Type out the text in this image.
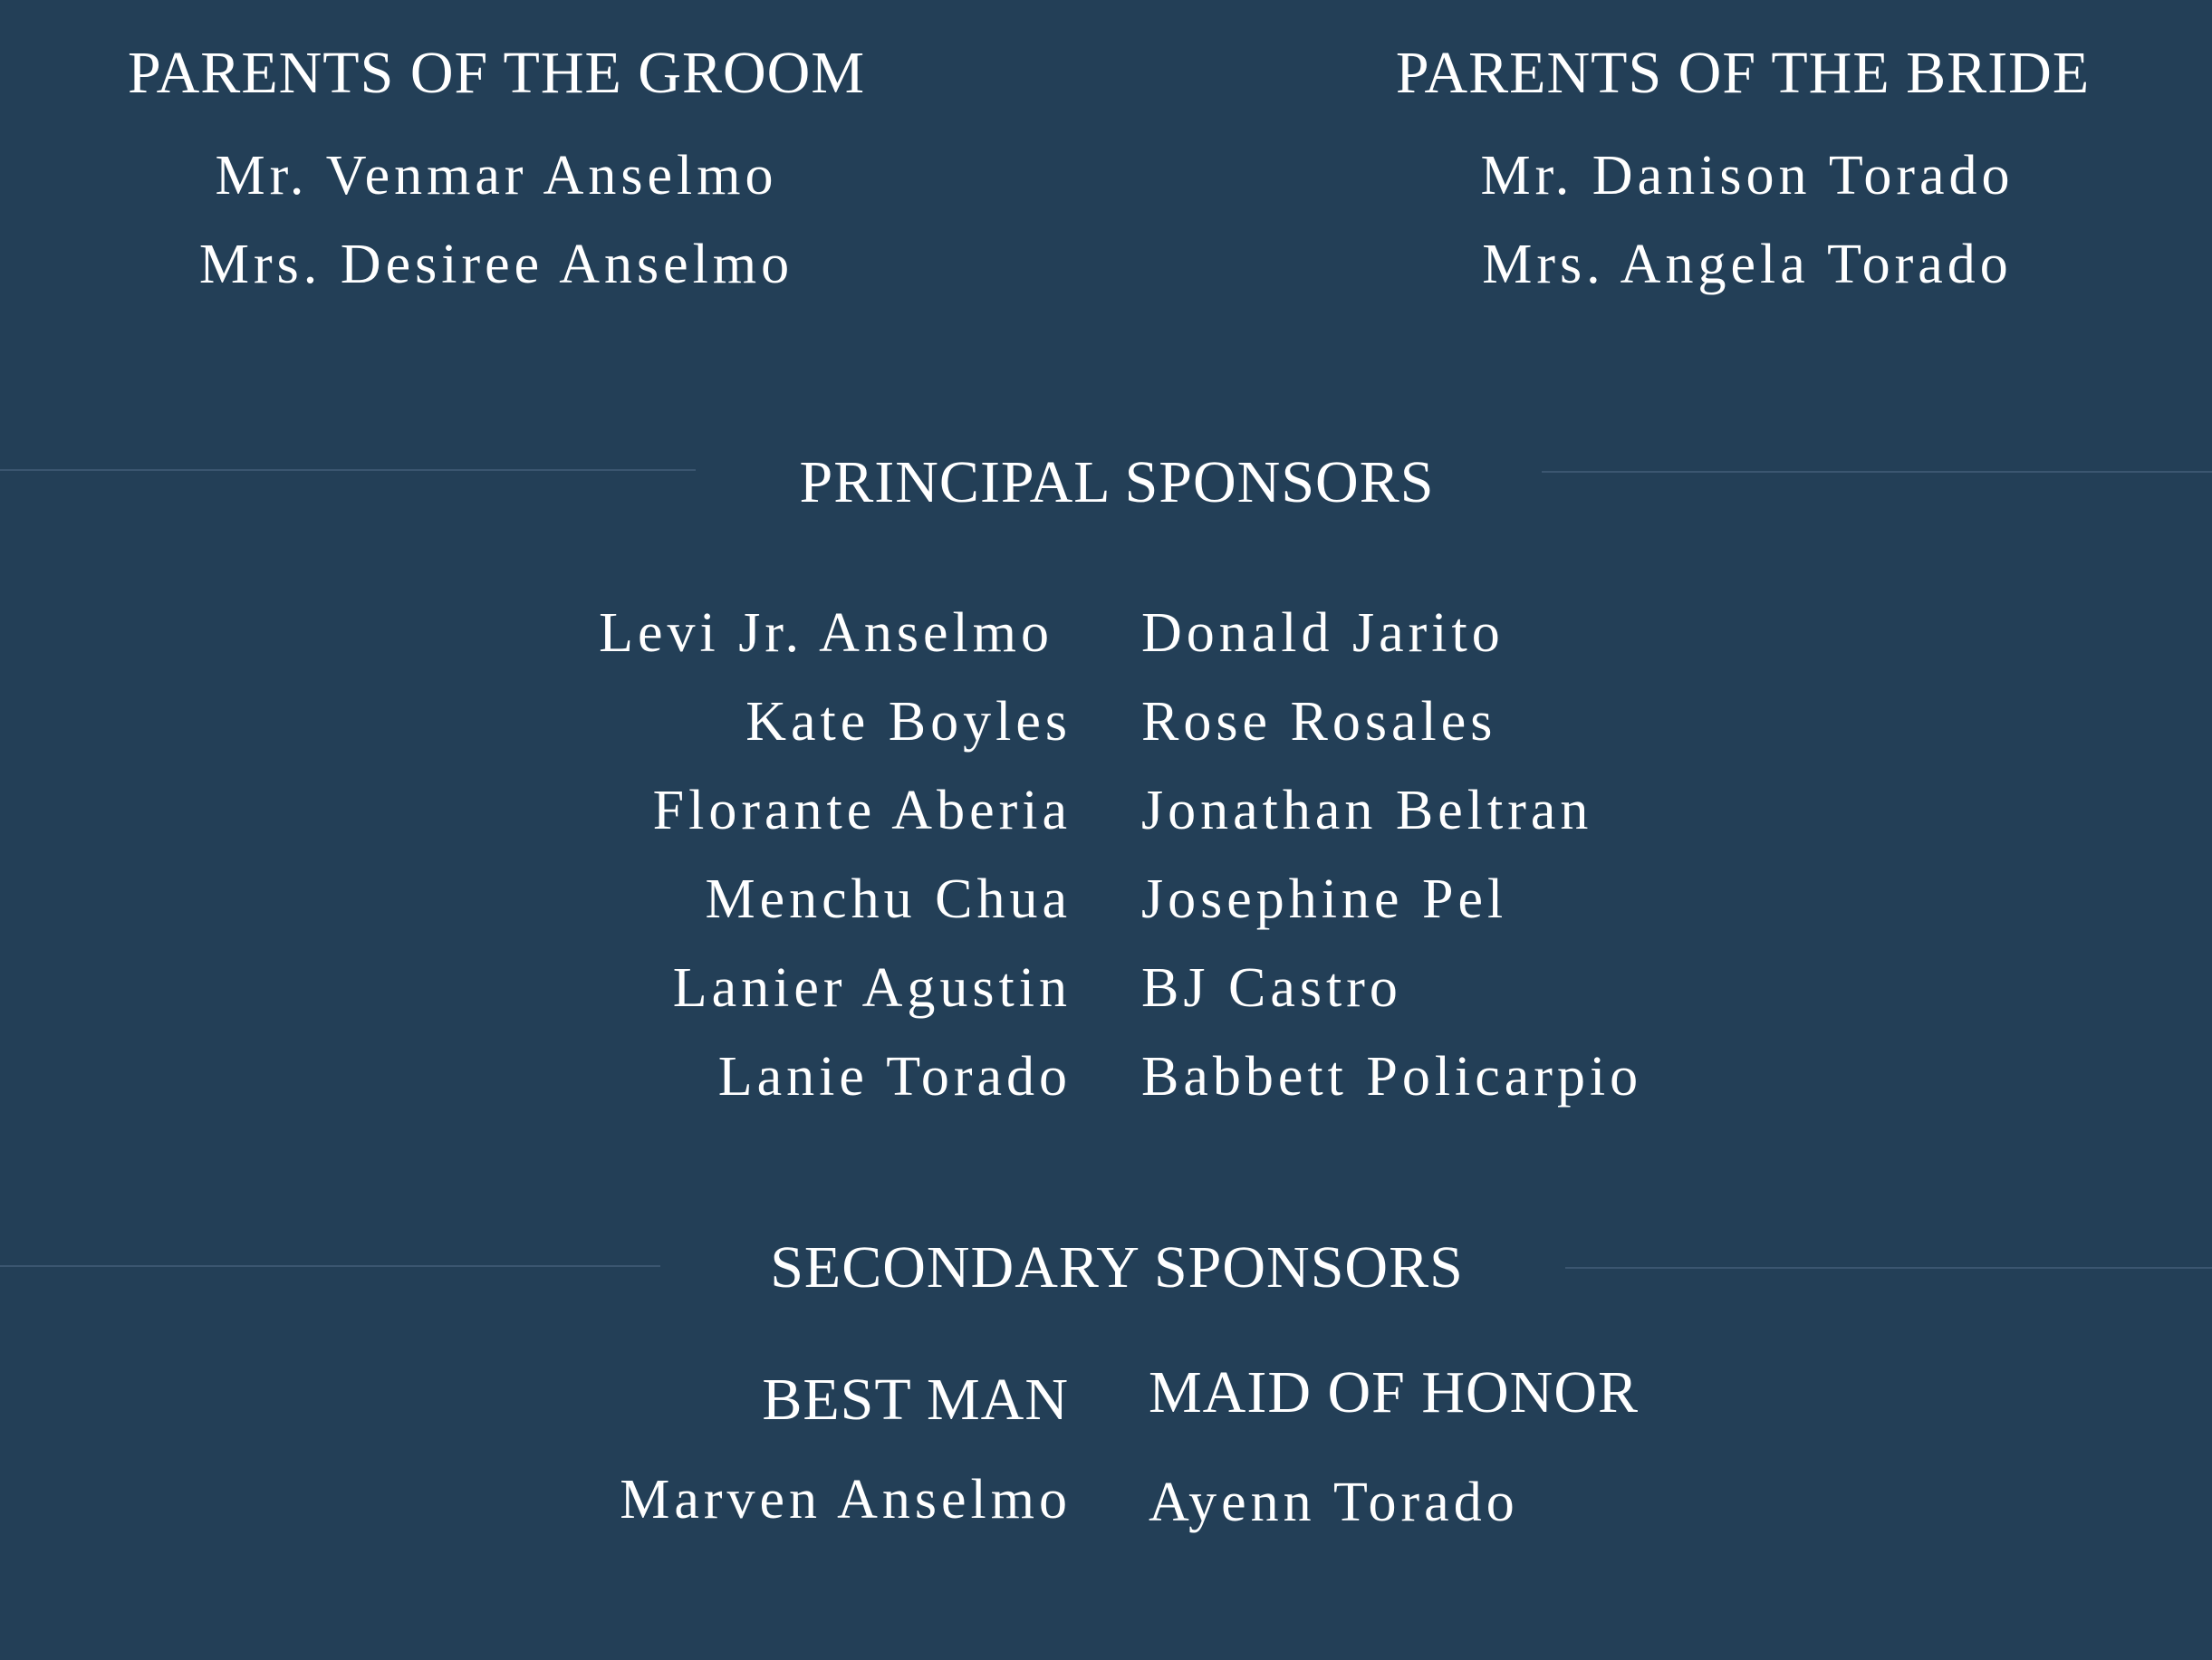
PARENTS OF THE GROOM
Mr. Venmar Anselmo
Mrs. Desiree Anselmo
PARENTS OF THE BRIDE
Mr. Danison Torado
Mrs. Angela Torado
PRINCIPAL SPONSORS
Levi Jr. Anselmo
Kate Boyles
Florante Aberia
Menchu Chua
Lanier Agustin
Lanie Torado
Donald Jarito
Rose Rosales
Jonathan Beltran
Josephine Pel
BJ Castro
Babbett Policarpio
SECONDARY SPONSORS
BEST MAN MAID OF HONOR
Marven Anselmo Ayenn Torado
